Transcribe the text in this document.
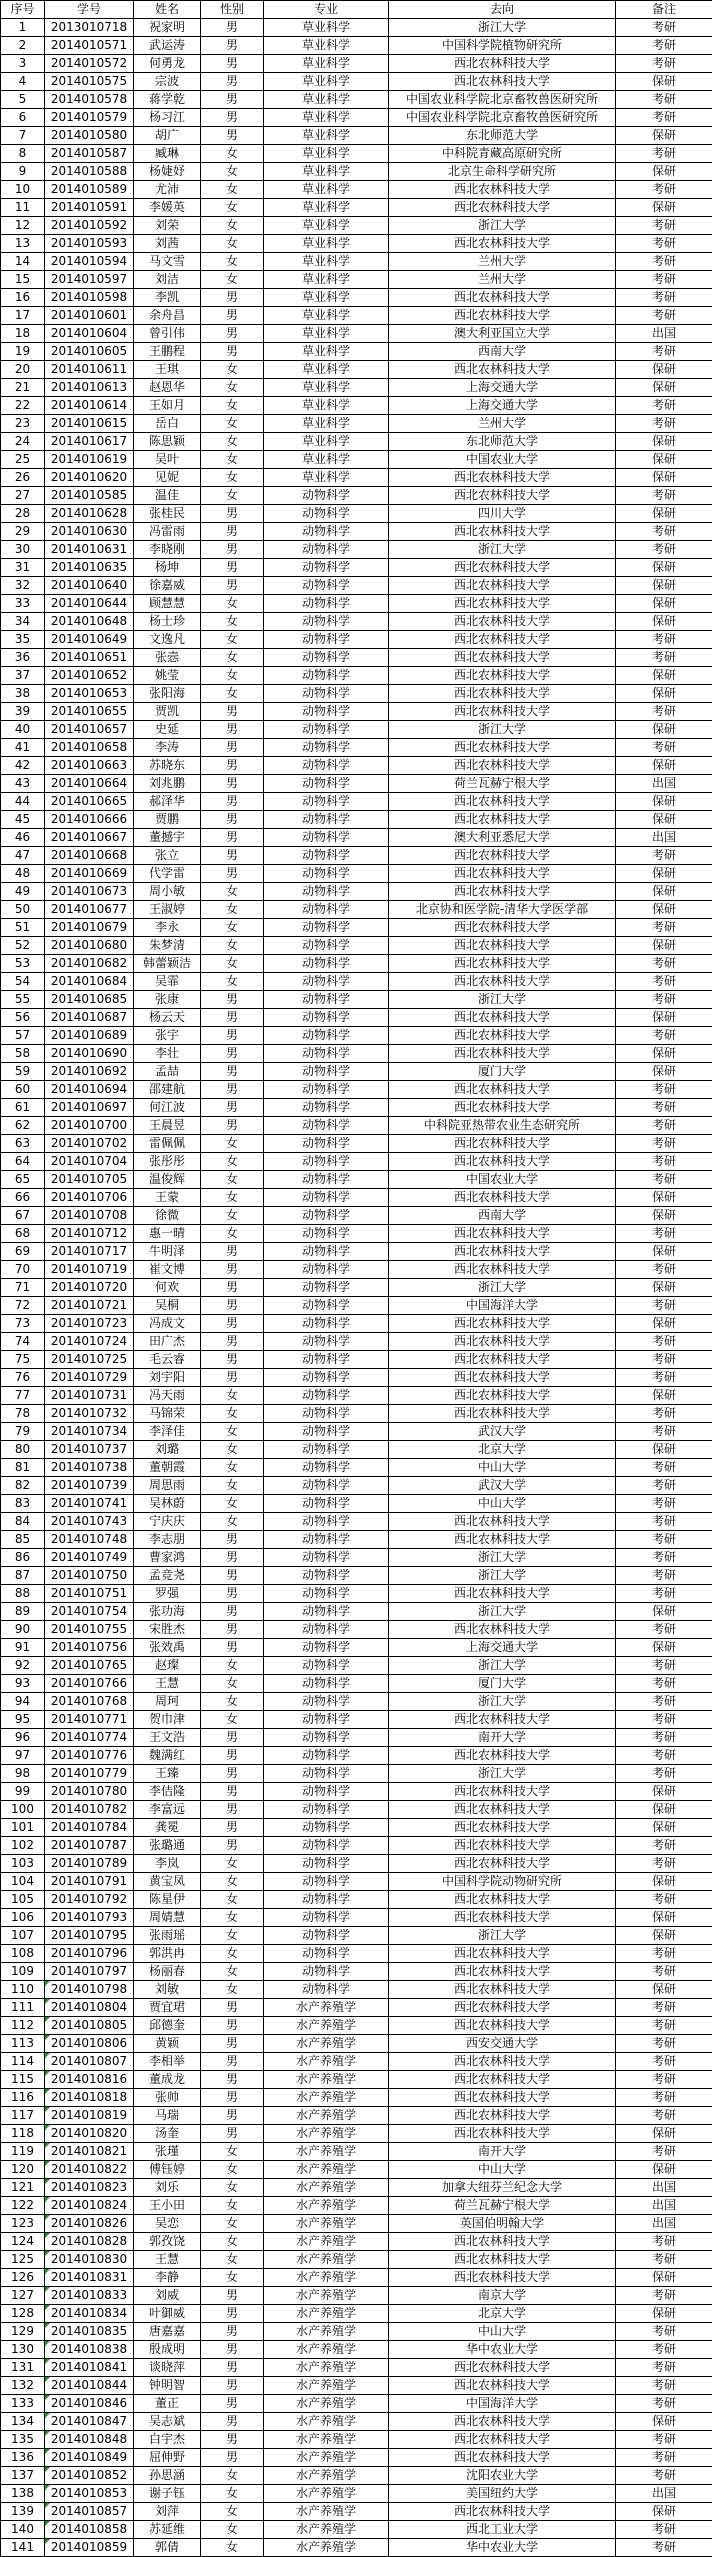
序号	学号	姓名	性别	专业	去向	备注
1	2013010718	祝家明	男	草业科学	浙江大学	考研
2	2014010571	武运涛	男	草业科学	中国科学院植物研究所	考研
3	2014010572	何勇龙	男	草业科学	西北农林科技大学	考研
4	2014010575	宗波	男	草业科学	西北农林科技大学	保研
5	2014010578	蒋学乾	男	草业科学	中国农业科学院北京畜牧兽医研究所	考研
6	2014010579	杨习江	男	草业科学	中国农业科学院北京畜牧兽医研究所	考研
7	2014010580	胡广	男	草业科学	东北师范大学	保研
8	2014010587	臧琳	女	草业科学	中科院青藏高原研究所	考研
9	2014010588	杨婕妤	女	草业科学	北京生命科学研究所	保研
10	2014010589	尤沛	女	草业科学	西北农林科技大学	考研
11	2014010591	李媛英	女	草业科学	西北农林科技大学	保研
12	2014010592	刘荣	女	草业科学	浙江大学	考研
13	2014010593	刘茜	女	草业科学	西北农林科技大学	考研
14	2014010594	马文雪	女	草业科学	兰州大学	考研
15	2014010597	刘洁	女	草业科学	兰州大学	考研
16	2014010598	李凯	男	草业科学	西北农林科技大学	考研
17	2014010601	余舟昌	男	草业科学	西北农林科技大学	考研
18	2014010604	曾引伟	男	草业科学	澳大利亚国立大学	出国
19	2014010605	王鹏程	男	草业科学	西南大学	考研
20	2014010611	王琪	女	草业科学	西北农林科技大学	保研
21	2014010613	赵恩华	女	草业科学	上海交通大学	保研
22	2014010614	王如月	女	草业科学	上海交通大学	考研
23	2014010615	岳白	女	草业科学	兰州大学	考研
24	2014010617	陈思颖	女	草业科学	东北师范大学	保研
25	2014010619	吴叶	女	草业科学	中国农业大学	保研
26	2014010620	见妮	女	草业科学	西北农林科技大学	保研
27	2014010585	温佳	女	动物科学	西北农林科技大学	考研
28	2014010628	张桂民	男	动物科学	四川大学	保研
29	2014010630	冯雷雨	男	动物科学	西北农林科技大学	考研
30	2014010631	李晓刚	男	动物科学	浙江大学	考研
31	2014010635	杨坤	男	动物科学	西北农林科技大学	保研
32	2014010640	徐嘉威	男	动物科学	西北农林科技大学	保研
33	2014010644	顾慧慧	女	动物科学	西北农林科技大学	保研
34	2014010648	杨士珍	女	动物科学	西北农林科技大学	保研
35	2014010649	文逸凡	女	动物科学	西北农林科技大学	考研
36	2014010651	张悫	女	动物科学	西北农林科技大学	考研
37	2014010652	姚莹	女	动物科学	西北农林科技大学	保研
38	2014010653	张阳海	女	动物科学	西北农林科技大学	保研
39	2014010655	贾凯	男	动物科学	西北农林科技大学	考研
40	2014010657	史延	男	动物科学	浙江大学	保研
41	2014010658	李涛	男	动物科学	西北农林科技大学	考研
42	2014010663	苏晓东	男	动物科学	西北农林科技大学	保研
43	2014010664	刘兆鹏	男	动物科学	荷兰瓦赫宁根大学	出国
44	2014010665	郝泽华	男	动物科学	西北农林科技大学	保研
45	2014010666	贾鹏	男	动物科学	西北农林科技大学	保研
46	2014010667	董撼宇	男	动物科学	澳大利亚悉尼大学	出国
47	2014010668	张立	男	动物科学	西北农林科技大学	考研
48	2014010669	代学雷	男	动物科学	西北农林科技大学	保研
49	2014010673	周小敏	女	动物科学	西北农林科技大学	保研
50	2014010677	王淑婷	女	动物科学	北京协和医学院-清华大学医学部	保研
51	2014010679	李永	女	动物科学	西北农林科技大学	考研
52	2014010680	朱梦清	女	动物科学	西北农林科技大学	保研
53	2014010682	韩蕾颖洁	女	动物科学	西北农林科技大学	考研
54	2014010684	吴霏	女	动物科学	西北农林科技大学	考研
55	2014010685	张康	男	动物科学	浙江大学	考研
56	2014010687	杨云天	男	动物科学	西北农林科技大学	保研
57	2014010689	张宇	男	动物科学	西北农林科技大学	考研
58	2014010690	李壮	男	动物科学	西北农林科技大学	保研
59	2014010692	孟喆	男	动物科学	厦门大学	保研
60	2014010694	邵建航	男	动物科学	西北农林科技大学	考研
61	2014010697	何江波	男	动物科学	西北农林科技大学	考研
62	2014010700	王晨昱	男	动物科学	中科院亚热带农业生态研究所	考研
63	2014010702	雷佩佩	女	动物科学	西北农林科技大学	考研
64	2014010704	张彤彤	女	动物科学	西北农林科技大学	考研
65	2014010705	温俊辉	女	动物科学	中国农业大学	考研
66	2014010706	王蒙	女	动物科学	西北农林科技大学	保研
67	2014010708	徐微	女	动物科学	西南大学	保研
68	2014010712	惠一晴	女	动物科学	西北农林科技大学	考研
69	2014010717	牛明泽	男	动物科学	西北农林科技大学	保研
70	2014010719	崔文博	男	动物科学	西北农林科技大学	考研
71	2014010720	何欢	男	动物科学	浙江大学	保研
72	2014010721	吴桐	男	动物科学	中国海洋大学	考研
73	2014010723	冯成文	男	动物科学	西北农林科技大学	保研
74	2014010724	田广杰	男	动物科学	西北农林科技大学	考研
75	2014010725	毛云睿	男	动物科学	西北农林科技大学	考研
76	2014010729	刘宇阳	男	动物科学	西北农林科技大学	考研
77	2014010731	冯天雨	女	动物科学	西北农林科技大学	保研
78	2014010732	马锦荣	女	动物科学	西北农林科技大学	考研
79	2014010734	李泽佳	女	动物科学	武汉大学	考研
80	2014010737	刘璐	女	动物科学	北京大学	保研
81	2014010738	董朝霞	女	动物科学	中山大学	考研
82	2014010739	周思雨	女	动物科学	武汉大学	考研
83	2014010741	吴林蔚	女	动物科学	中山大学	考研
84	2014010743	宁庆庆	女	动物科学	西北农林科技大学	考研
85	2014010748	李志朋	男	动物科学	西北农林科技大学	考研
86	2014010749	曹家鸿	男	动物科学	浙江大学	考研
87	2014010750	孟竞尧	男	动物科学	浙江大学	考研
88	2014010751	罗强	男	动物科学	西北农林科技大学	考研
89	2014010754	张功海	男	动物科学	浙江大学	保研
90	2014010755	宋胜杰	男	动物科学	西北农林科技大学	考研
91	2014010756	张效禹	男	动物科学	上海交通大学	保研
92	2014010765	赵璨	女	动物科学	浙江大学	考研
93	2014010766	王慧	女	动物科学	厦门大学	考研
94	2014010768	周珂	女	动物科学	浙江大学	考研
95	2014010771	贺巾津	女	动物科学	西北农林科技大学	考研
96	2014010774	王文浩	男	动物科学	南开大学	考研
97	2014010776	魏满红	男	动物科学	西北农林科技大学	考研
98	2014010779	王臻	男	动物科学	浙江大学	考研
99	2014010780	李佶隆	男	动物科学	西北农林科技大学	保研
100	2014010782	李富远	男	动物科学	西北农林科技大学	保研
101	2014010784	龚冕	男	动物科学	西北农林科技大学	保研
102	2014010787	张璐通	男	动物科学	西北农林科技大学	考研
103	2014010789	李岚	女	动物科学	西北农林科技大学	考研
104	2014010791	黄宝凤	女	动物科学	中国科学院动物研究所	保研
105	2014010792	陈星伊	女	动物科学	西北农林科技大学	考研
106	2014010793	周婧慧	女	动物科学	西北农林科技大学	保研
107	2014010795	张雨瑶	女	动物科学	浙江大学	保研
108	2014010796	郭洪冉	女	动物科学	西北农林科技大学	考研
109	2014010797	杨丽春	女	动物科学	西北农林科技大学	考研
110	2014010798	刘敏	女	动物科学	西北农林科技大学	保研
111	2014010804	贾宜珺	男	水产养殖学	西北农林科技大学	考研
112	2014010805	邱德奎	男	水产养殖学	西北农林科技大学	考研
113	2014010806	黄颖	男	水产养殖学	西安交通大学	考研
114	2014010807	李相举	男	水产养殖学	西北农林科技大学	考研
115	2014010816	董成龙	男	水产养殖学	西北农林科技大学	考研
116	2014010818	张帅	男	水产养殖学	西北农林科技大学	考研
117	2014010819	马瑞	男	水产养殖学	西北农林科技大学	考研
118	2014010820	汤奎	男	水产养殖学	西北农林科技大学	保研
119	2014010821	张瑾	女	水产养殖学	南开大学	考研
120	2014010822	傅钰婷	女	水产养殖学	中山大学	保研
121	2014010823	刘乐	女	水产养殖学	加拿大纽芬兰纪念大学	出国
122	2014010824	王小田	女	水产养殖学	荷兰瓦赫宁根大学	出国
123	2014010826	吴恋	女	水产养殖学	英国伯明翰大学	出国
124	2014010828	郭孜饶	女	水产养殖学	西北农林科技大学	考研
125	2014010830	王慧	女	水产养殖学	西北农林科技大学	考研
126	2014010831	李静	女	水产养殖学	西北农林科技大学	保研
127	2014010833	刘威	男	水产养殖学	南京大学	考研
128	2014010834	叶御威	男	水产养殖学	北京大学	保研
129	2014010835	唐嘉嘉	男	水产养殖学	中山大学	考研
130	2014010838	殷成明	男	水产养殖学	华中农业大学	考研
131	2014010841	谈晓萍	男	水产养殖学	西北农林科技大学	考研
132	2014010844	钟明智	男	水产养殖学	西北农林科技大学	考研
133	2014010846	董正	男	水产养殖学	中国海洋大学	考研
134	2014010847	吴志斌	男	水产养殖学	西北农林科技大学	保研
135	2014010848	白宇杰	男	水产养殖学	西北农林科技大学	考研
136	2014010849	屈伸野	男	水产养殖学	西北农林科技大学	考研
137	2014010852	孙思涵	女	水产养殖学	沈阳农业大学	考研
138	2014010853	谢子钰	女	水产养殖学	美国纽约大学	出国
139	2014010857	刘萍	女	水产养殖学	西北农林科技大学	保研
140	2014010858	苏延维	女	水产养殖学	西北工业大学	考研
141	2014010859	郭倩	女	水产养殖学	华中农业大学	考研
